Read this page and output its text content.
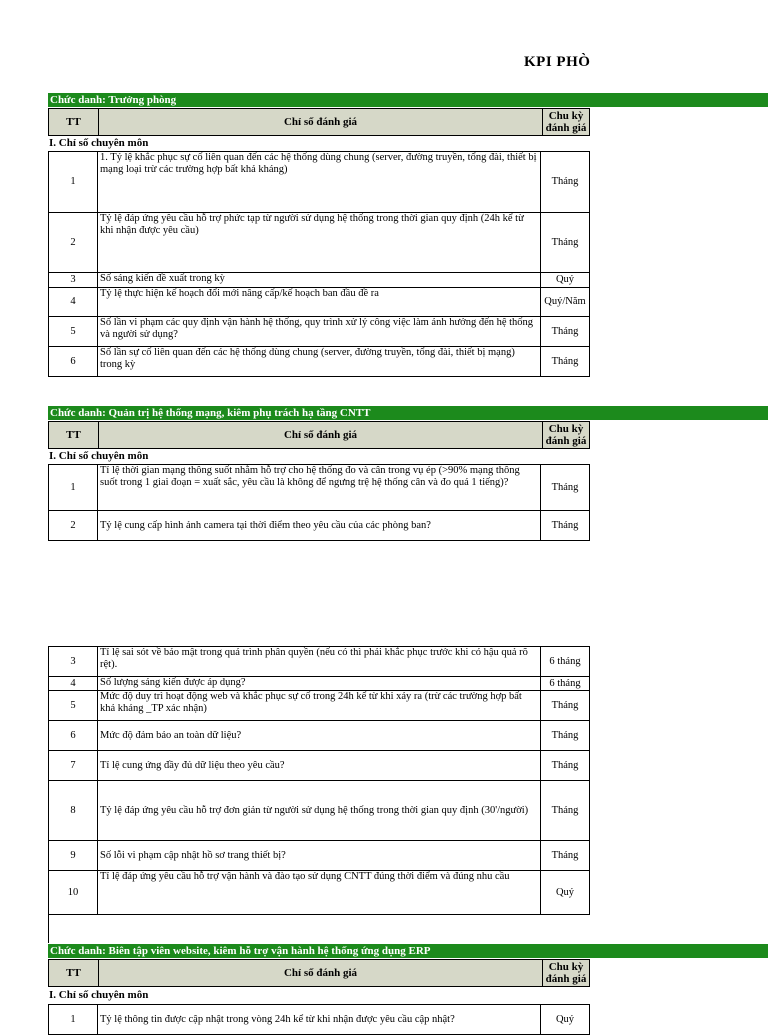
KPI PHÒ
Chức danh: Trưởng phòng
TT	Chỉ số đánh giá	Chu kỳ
đánh giá
I. Chỉ số chuyên môn
1	1. Tỷ lệ khắc phục sự cố liên quan đến các hệ thống dùng chung (server, đường truyền, tổng đài, thiết bị mạng loại trừ các trường hợp bất khả kháng)	Tháng
2	Tỷ lệ đáp ứng yêu cầu hỗ trợ phức tạp từ người sử dụng hệ thống trong thời gian quy định (24h kể từ khi nhận được yêu cầu)	Tháng
3	Số sáng kiến đề xuất trong kỳ	Quý
4	Tỷ lệ thực hiện kế hoạch đổi mới nâng cấp/kế hoạch ban đầu đề ra	Quý/Năm
5	Số lần vi phạm các quy định vận hành hệ thống, quy trình xử lý công việc làm ảnh hưởng đến hệ thống và người sử dụng?	Tháng
6	Số lần sự cố liên quan đến các hệ thống dùng chung (server, đường truyền, tổng đài, thiết bị mạng) trong kỳ	Tháng
Chức danh: Quản trị hệ thống mạng, kiêm phụ trách hạ tầng CNTT
TT	Chỉ số đánh giá	Chu kỳ
đánh giá
I. Chỉ số chuyên môn
1	Tỉ lệ thời gian mạng thông suốt nhằm hỗ trợ cho hệ thống đo và cân trong vụ ép (>90% mạng thông suốt trong 1 giai đoạn = xuất sắc, yêu cầu là không để ngưng trệ hệ thống cân và đo quá 1 tiếng)?	Tháng
2	Tỷ lệ cung cấp hình ảnh camera tại thời điểm theo yêu cầu của các phòng ban?	Tháng
3	Tỉ lệ sai sót về bảo mật trong quá trình phân quyền (nếu có thì phải khắc phục trước khi có hậu quả rõ rệt).	6 tháng
4	Số lượng sáng kiến được áp dụng?	6 tháng
5	Mức độ duy trì hoạt động web và khắc phục sự cố trong 24h kể từ khi xảy ra (trừ các trường hợp bất khả kháng _TP xác nhận)	Tháng
6	Mức độ đảm bảo an toàn dữ liệu?	Tháng
7	Tỉ lệ cung ứng đầy đủ dữ liệu theo yêu cầu?	Tháng
8	Tỷ lệ đáp ứng yêu cầu hỗ trợ đơn giản từ người sử dụng hệ thống trong thời gian quy định (30'/người)	Tháng
9	Số lỗi vi phạm cập nhật hồ sơ trang thiết bị?	Tháng
10	Tỉ lệ đáp ứng yêu cầu hỗ trợ vận hành và đào tạo sử dụng CNTT đúng thời điểm và đúng nhu cầu	Quý
Chức danh: Biên tập viên website, kiêm hỗ trợ vận hành hệ thống ứng dụng ERP
TT	Chỉ số đánh giá	Chu kỳ
đánh giá
I. Chỉ số chuyên môn
1	Tỷ lệ thông tin được cập nhật trong vòng 24h kể từ khi nhận được yêu cầu cập nhật?	Quý
